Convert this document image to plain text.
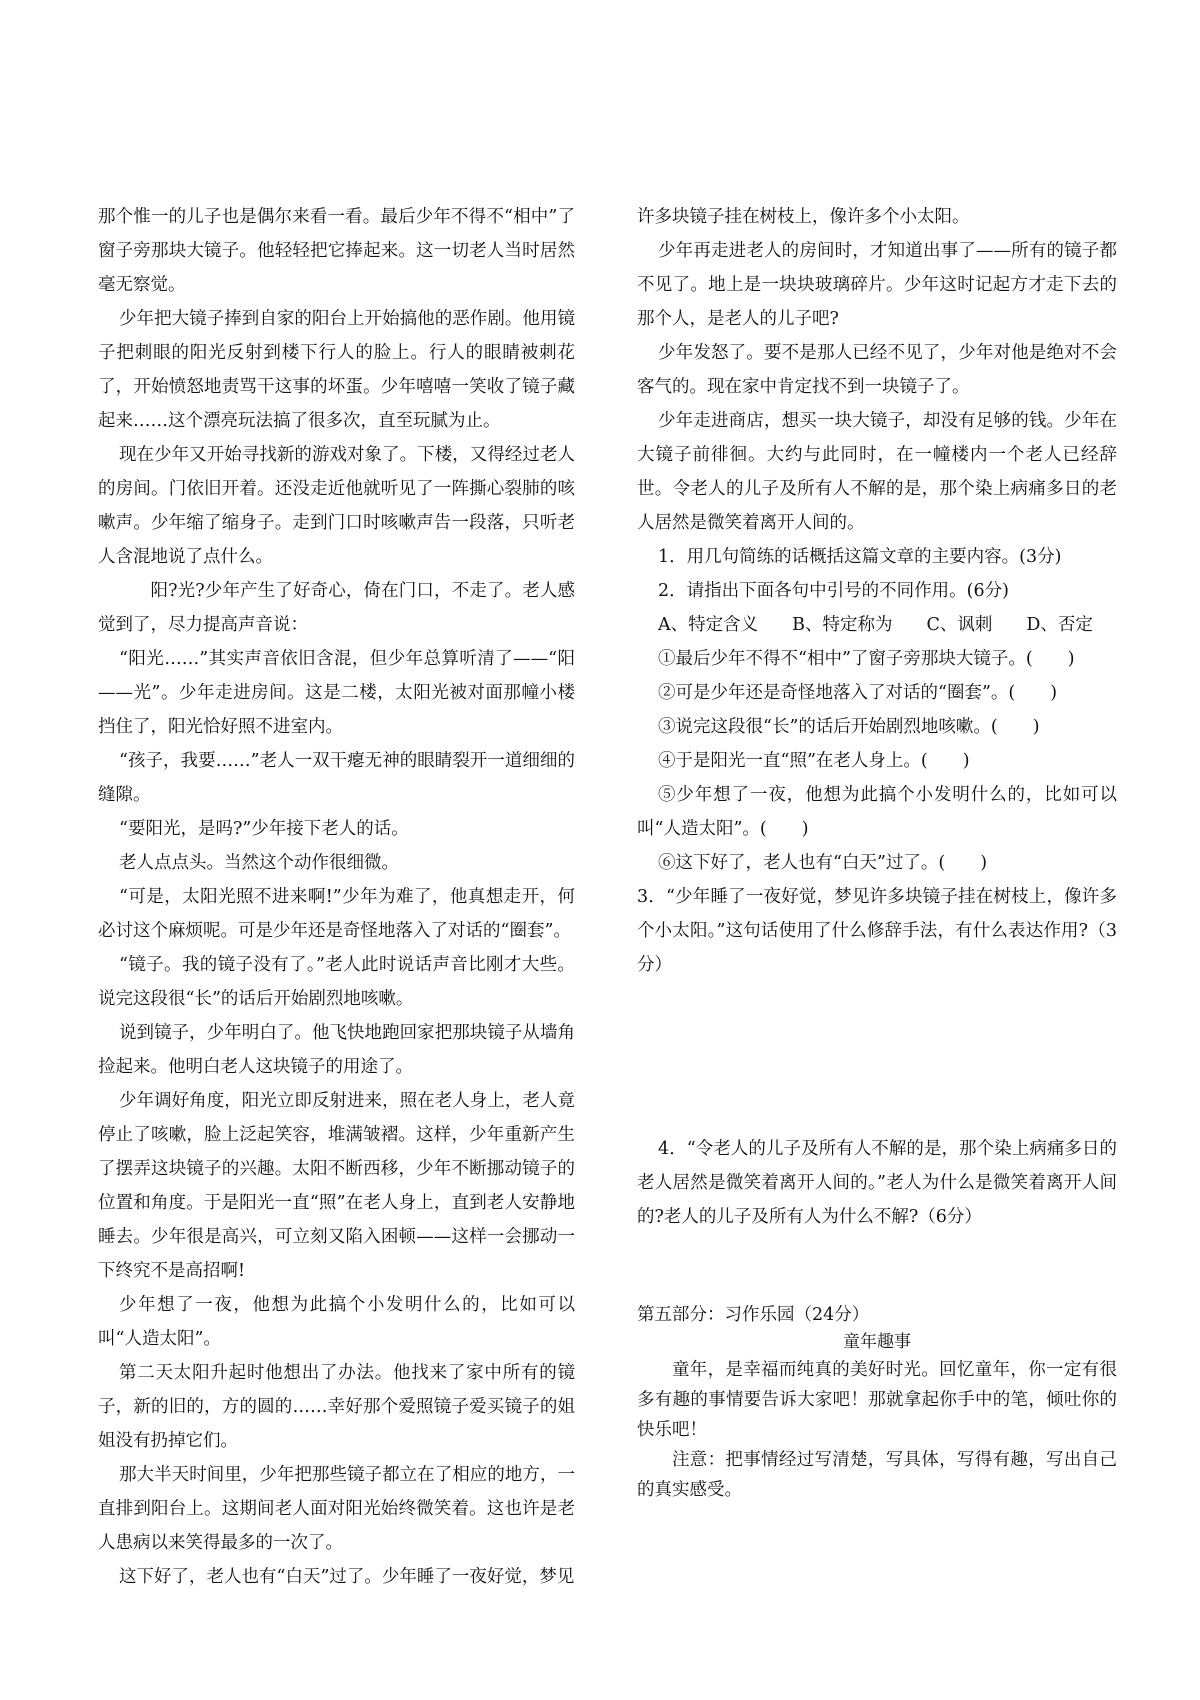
那个惟一的儿子也是偶尔来看一看。最后少年不得不“相中”了窗子旁那块大镜子。他轻轻把它捧起来。这一切老人当时居然毫无察觉。

少年把大镜子捧到自家的阳台上开始搞他的恶作剧。他用镜子把刺眼的阳光反射到楼下行人的脸上。行人的眼睛被刺花了，开始愤怒地责骂干这事的坏蛋。少年嘻嘻一笑收了镜子藏起来……这个漂亮玩法搞了很多次，直至玩腻为止。

现在少年又开始寻找新的游戏对象了。下楼，又得经过老人的房间。门依旧开着。还没走近他就听见了一阵撕心裂肺的咳嗽声。少年缩了缩身子。走到门口时咳嗽声告一段落，只听老人含混地说了点什么。

阳?光?少年产生了好奇心，倚在门口，不走了。老人感觉到了，尽力提高声音说：

“阳光……”其实声音依旧含混，但少年总算听清了——“阳——光”。少年走进房间。这是二楼，太阳光被对面那幢小楼挡住了，阳光恰好照不进室内。

“孩子，我要……”老人一双干瘪无神的眼睛裂开一道细细的缝隙。

“要阳光，是吗?”少年接下老人的话。

老人点点头。当然这个动作很细微。

“可是，太阳光照不进来啊!”少年为难了，他真想走开，何必讨这个麻烦呢。可是少年还是奇怪地落入了对话的“圈套”。

“镜子。我的镜子没有了。”老人此时说话声音比刚才大些。说完这段很“长”的话后开始剧烈地咳嗽。

说到镜子，少年明白了。他飞快地跑回家把那块镜子从墙角捡起来。他明白老人这块镜子的用途了。

少年调好角度，阳光立即反射进来，照在老人身上，老人竟停止了咳嗽，脸上泛起笑容，堆满皱褶。这样，少年重新产生了摆弄这块镜子的兴趣。太阳不断西移，少年不断挪动镜子的位置和角度。于是阳光一直“照”在老人身上，直到老人安静地睡去。少年很是高兴，可立刻又陷入困顿——这样一会挪动一下终究不是高招啊!

少年想了一夜，他想为此搞个小发明什么的，比如可以叫“人造太阳”。

第二天太阳升起时他想出了办法。他找来了家中所有的镜子，新的旧的，方的圆的……幸好那个爱照镜子爱买镜子的姐姐没有扔掉它们。

那大半天时间里，少年把那些镜子都立在了相应的地方，一直排到阳台上。这期间老人面对阳光始终微笑着。这也许是老人患病以来笑得最多的一次了。

这下好了，老人也有“白天”过了。少年睡了一夜好觉，梦见

许多块镜子挂在树枝上，像许多个小太阳。

少年再走进老人的房间时，才知道出事了——所有的镜子都不见了。地上是一块块玻璃碎片。少年这时记起方才走下去的那个人，是老人的儿子吧?

少年发怒了。要不是那人已经不见了，少年对他是绝对不会客气的。现在家中肯定找不到一块镜子了。

少年走进商店，想买一块大镜子，却没有足够的钱。少年在大镜子前徘徊。大约与此同时，在一幢楼内一个老人已经辞世。令老人的儿子及所有人不解的是，那个染上病痛多日的老人居然是微笑着离开人间的。

1．用几句简练的话概括这篇文章的主要内容。(3分)

2．请指出下面各句中引号的不同作用。(6分)

A、特定含义 B、特定称为 C、讽刺 D、否定

①最后少年不得不“相中”了窗子旁那块大镜子。(　　)

②可是少年还是奇怪地落入了对话的“圈套”。(　　)

③说完这段很“长”的话后开始剧烈地咳嗽。(　　)

④于是阳光一直“照”在老人身上。(　　)

⑤少年想了一夜，他想为此搞个小发明什么的，比如可以叫“人造太阳”。(　　)

⑥这下好了，老人也有“白天”过了。(　　)

3．“少年睡了一夜好觉，梦见许多块镜子挂在树枝上，像许多个小太阳。”这句话使用了什么修辞手法，有什么表达作用?（3分）

4．“令老人的儿子及所有人不解的是，那个染上病痛多日的老人居然是微笑着离开人间的。”老人为什么是微笑着离开人间的?老人的儿子及所有人为什么不解?（6分）

第五部分：习作乐园（24分）

童年趣事

童年，是幸福而纯真的美好时光。回忆童年，你一定有很多有趣的事情要告诉大家吧！那就拿起你手中的笔，倾吐你的快乐吧！

注意：把事情经过写清楚，写具体，写得有趣，写出自己的真实感受。
